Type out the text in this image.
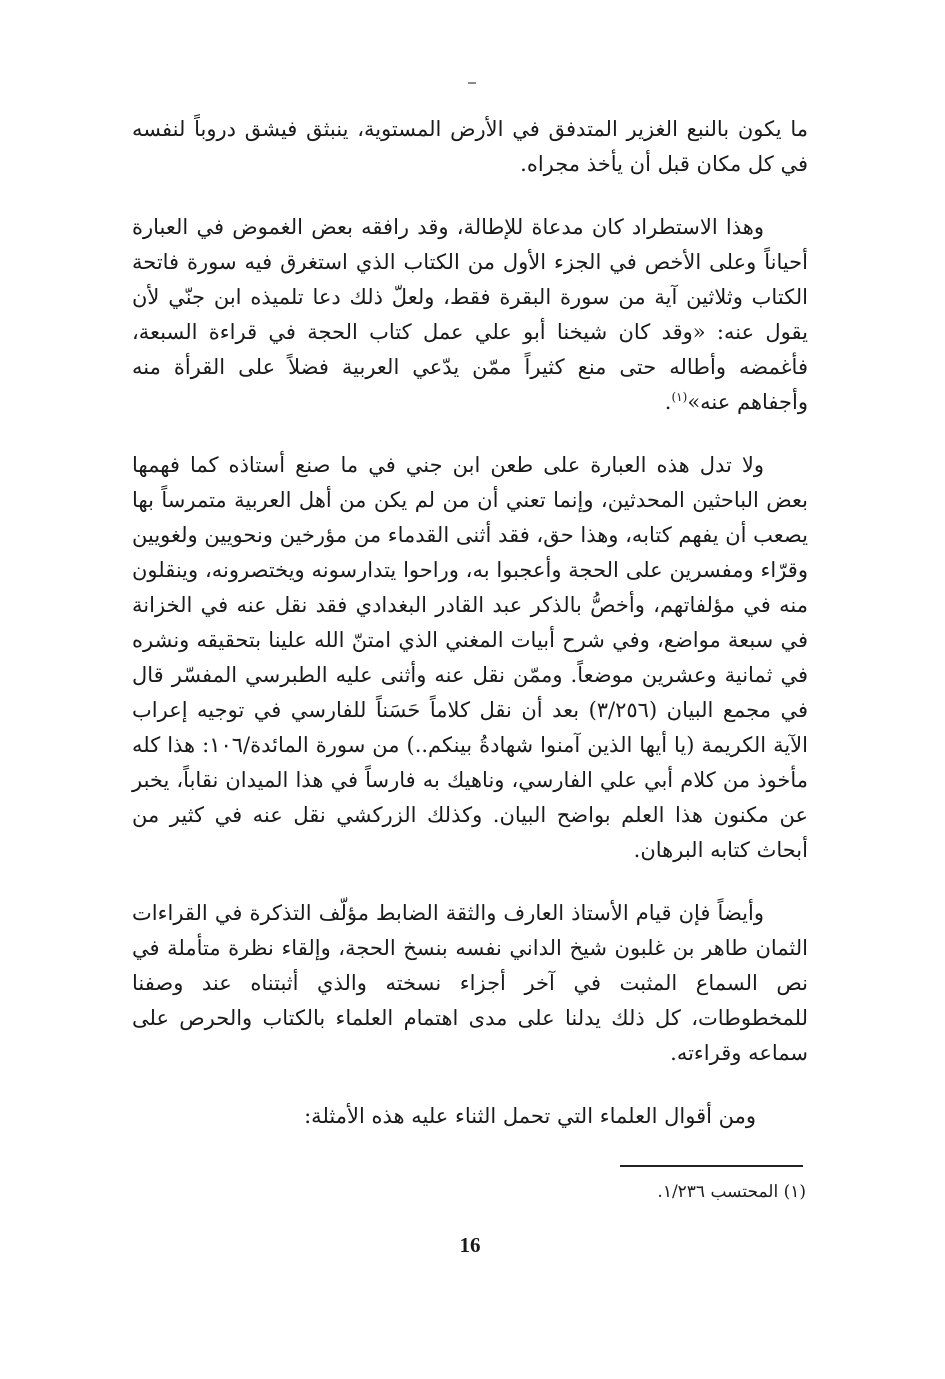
ما يكون بالنبع الغزير المتدفق في الأرض المستوية، ينبثق فيشق دروباً لنفسه في كل مكان قبل أن يأخذ مجراه.

وهذا الاستطراد كان مدعاة للإطالة، وقد رافقه بعض الغموض في العبارة أحياناً وعلى الأخص في الجزء الأول من الكتاب الذي استغرق فيه سورة فاتحة الكتاب وثلاثين آية من سورة البقرة فقط، ولعلّ ذلك دعا تلميذه ابن جنّي لأن يقول عنه: «وقد كان شيخنا أبو علي عمل كتاب الحجة في قراءة السبعة، فأغمضه وأطاله حتى منع كثيراً ممّن يدّعي العربية فضلاً على القرأة منه وأجفاهم عنه»$^{(١)}$.

ولا تدل هذه العبارة على طعن ابن جني في ما صنع أستاذه كما فهمها بعض الباحثين المحدثين، وإنما تعني أن من لم يكن من أهل العربية متمرساً بها يصعب أن يفهم كتابه، وهذا حق، فقد أثنى القدماء من مؤرخين ونحويين ولغويين وقرّاء ومفسرين على الحجة وأعجبوا به، وراحوا يتدارسونه ويختصرونه، وينقلون منه في مؤلفاتهم، وأخصُّ بالذكر عبد القادر البغدادي فقد نقل عنه في الخزانة في سبعة مواضع، وفي شرح أبيات المغني الذي امتنّ الله علينا بتحقيقه ونشره في ثمانية وعشرين موضعاً. وممّن نقل عنه وأثنى عليه الطبرسي المفسّر قال في مجمع البيان (٣/٢٥٦) بعد أن نقل كلاماً حَسَناً للفارسي في توجيه إعراب الآية الكريمة (يا أيها الذين آمنوا شهادةُ بينكم..) من سورة المائدة/١٠٦: هذا كله مأخوذ من كلام أبي علي الفارسي، وناهيك به فارساً في هذا الميدان نقاباً، يخبر عن مكنون هذا العلم بواضح البيان. وكذلك الزركشي نقل عنه في كثير من أبحاث كتابه البرهان.

وأيضاً فإن قيام الأستاذ العارف والثقة الضابط مؤلّف التذكرة في القراءات الثمان طاهر بن غلبون شيخ الداني نفسه بنسخ الحجة، وإلقاء نظرة متأملة في نص السماع المثبت في آخر أجزاء نسخته والذي أثبتناه عند وصفنا للمخطوطات، كل ذلك يدلنا على مدى اهتمام العلماء بالكتاب والحرص على سماعه وقراءته.

ومن أقوال العلماء التي تحمل الثناء عليه هذه الأمثلة:

(١) المحتسب ١/٢٣٦.
16
